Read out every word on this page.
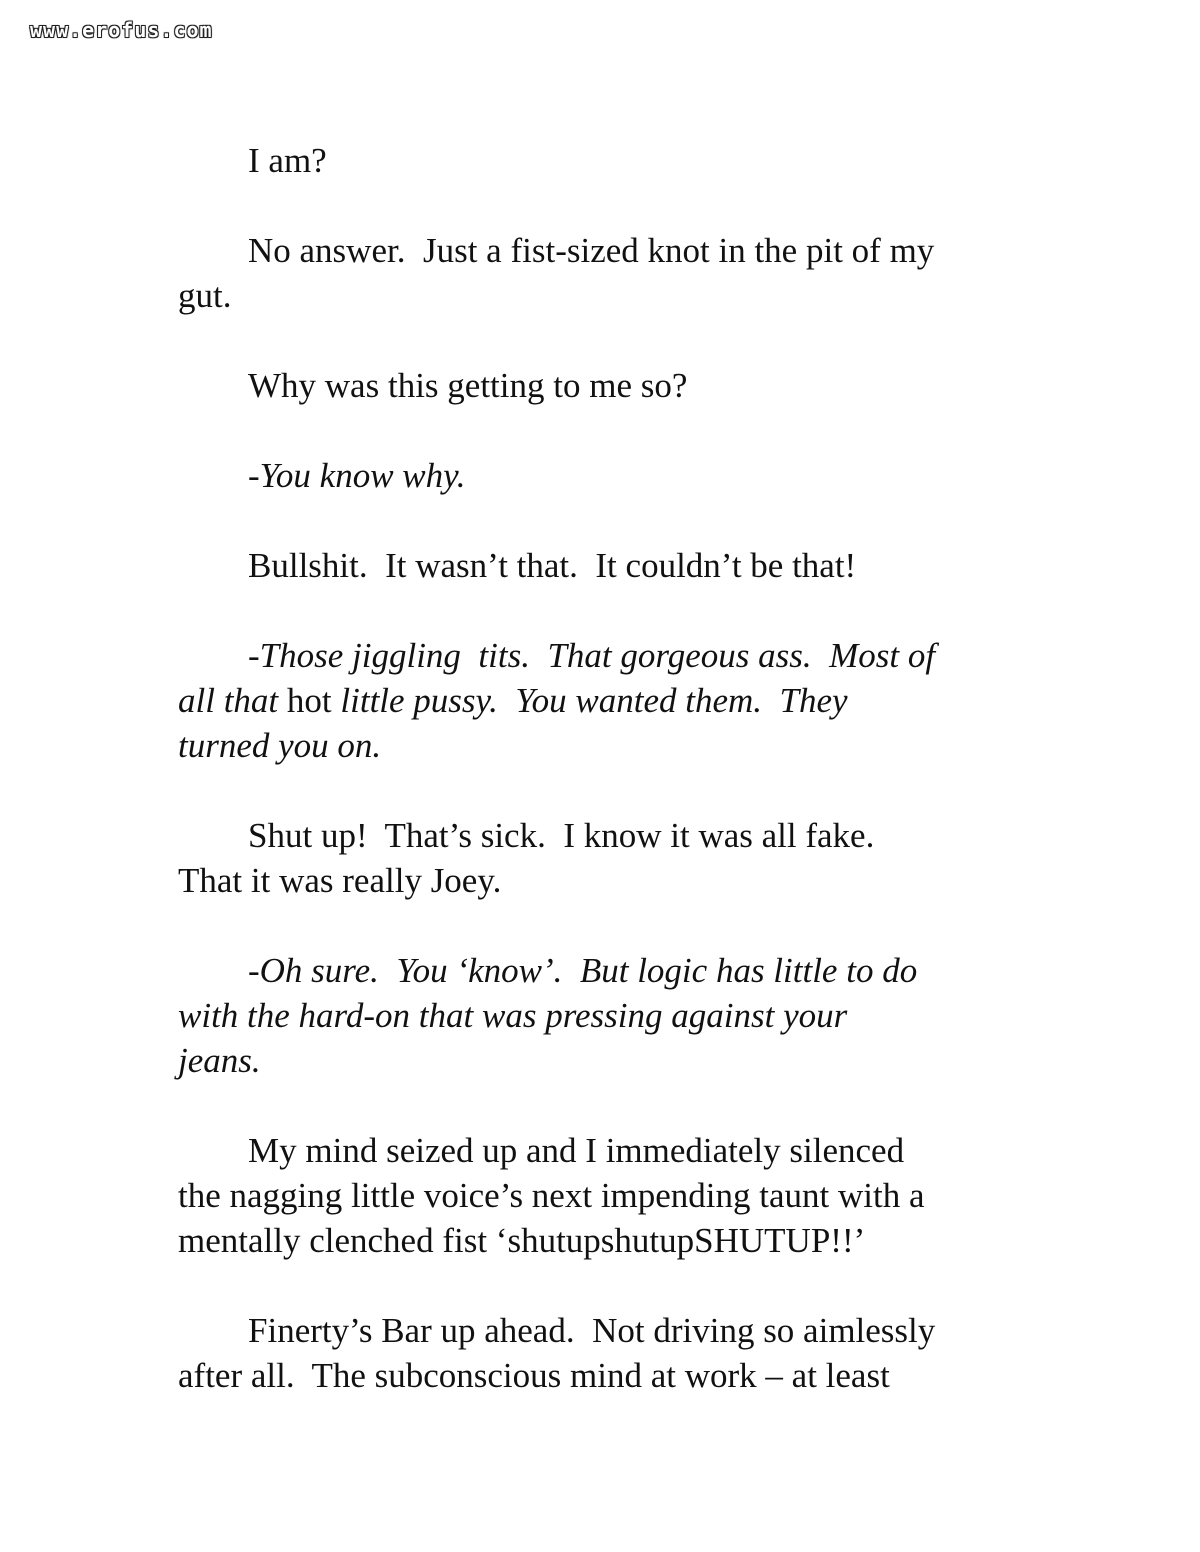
www.erofus.com

I am?

No answer.  Just a fist-sized knot in the pit of my
gut.

Why was this getting to me so?

-You know why.

Bullshit.  It wasn’t that.  It couldn’t be that!

-Those jiggling  tits.  That gorgeous ass.  Most of
all that hot little pussy.  You wanted them.  They
turned you on.

Shut up!  That’s sick.  I know it was all fake.
That it was really Joey.

-Oh sure.  You ‘know’.  But logic has little to do
with the hard-on that was pressing against your
jeans.

My mind seized up and I immediately silenced
the nagging little voice’s next impending taunt with a
mentally clenched fist ‘shutupshutupSHUTUP!!’

Finerty’s Bar up ahead.  Not driving so aimlessly
after all.  The subconscious mind at work – at least
